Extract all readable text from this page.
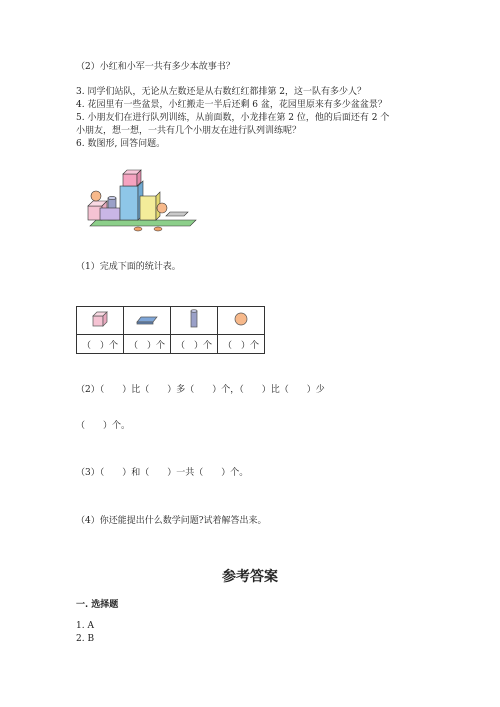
（2）小红和小军一共有多少本故事书？
3. 同学们站队，无论从左数还是从右数红红都排第 2，这一队有多少人？
4. 花园里有一些盆景，小红搬走一半后还剩 6 盆，花园里原来有多少盆盆景？
5. 小朋友们在进行队列训练，从前面数，小龙排在第 2 位，他的后面还有 2 个
小朋友，想一想，一共有几个小朋友在进行队列训练呢？
6. 数图形, 回答问题。
（1）完成下面的统计表。

（　）个	（　）个	（　）个	（　）个
（2）（　　）比（　　）多（　　）个，（　　）比（　　）少
（　　）个。
（3）（　　）和（　　）一共（　　）个。
（4）你还能提出什么数学问题?试着解答出来。
参考答案
一. 选择题
1. A
2. B
